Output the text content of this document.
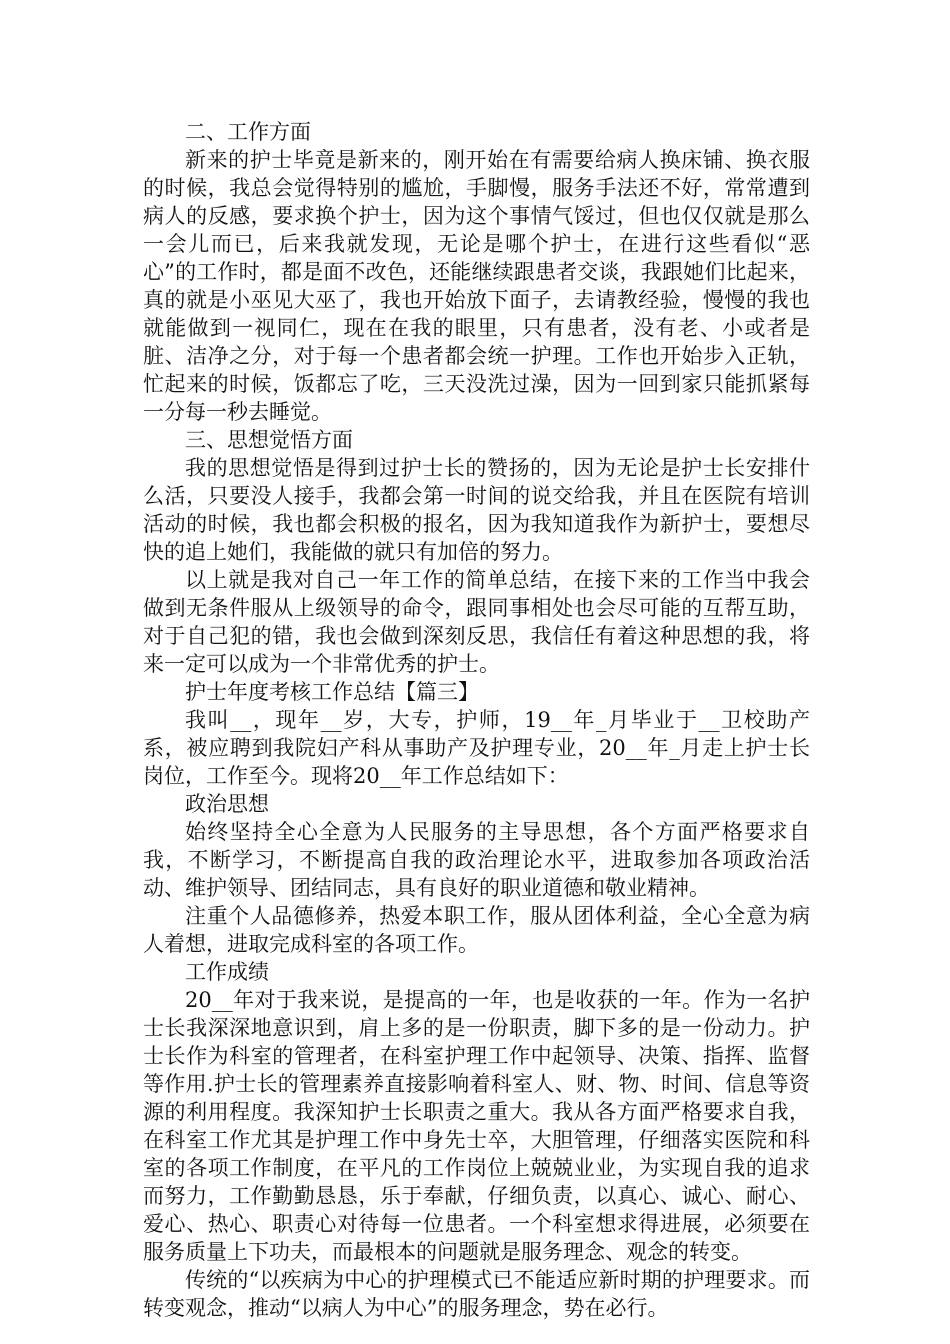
二、工作方面
新来的护士毕竟是新来的，刚开始在有需要给病人换床铺、换衣服的时候，我总会觉得特别的尴尬，手脚慢，服务手法还不好，常常遭到病人的反感，要求换个护士，因为这个事情气馁过，但也仅仅就是那么一会儿而已，后来我就发现，无论是哪个护士，在进行这些看似“恶心”的工作时，都是面不改色，还能继续跟患者交谈，我跟她们比起来，真的就是小巫见大巫了，我也开始放下面子，去请教经验，慢慢的我也就能做到一视同仁，现在在我的眼里，只有患者，没有老、小或者是脏、洁净之分，对于每一个患者都会统一护理。工作也开始步入正轨，忙起来的时候，饭都忘了吃，三天没洗过澡，因为一回到家只能抓紧每一分每一秒去睡觉。
三、思想觉悟方面
我的思想觉悟是得到过护士长的赞扬的，因为无论是护士长安排什么活，只要没人接手，我都会第一时间的说交给我，并且在医院有培训活动的时候，我也都会积极的报名，因为我知道我作为新护士，要想尽快的追上她们，我能做的就只有加倍的努力。
以上就是我对自己一年工作的简单总结，在接下来的工作当中我会做到无条件服从上级领导的命令，跟同事相处也会尽可能的互帮互助，对于自己犯的错，我也会做到深刻反思，我信任有着这种思想的我，将来一定可以成为一个非常优秀的护士。
护士年度考核工作总结【篇三】
我叫__，现年__岁，大专，护师，19__年_月毕业于__卫校助产系，被应聘到我院妇产科从事助产及护理专业，20__年_月走上护士长岗位，工作至今。现将20__年工作总结如下：
政治思想
始终坚持全心全意为人民服务的主导思想，各个方面严格要求自我，不断学习，不断提高自我的政治理论水平，进取参加各项政治活动、维护领导、团结同志，具有良好的职业道德和敬业精神。
注重个人品德修养，热爱本职工作，服从团体利益，全心全意为病人着想，进取完成科室的各项工作。
工作成绩
20__年对于我来说，是提高的一年，也是收获的一年。作为一名护士长我深深地意识到，肩上多的是一份职责，脚下多的是一份动力。护士长作为科室的管理者，在科室护理工作中起领导、决策、指挥、监督等作用.护士长的管理素养直接影响着科室人、财、物、时间、信息等资源的利用程度。我深知护士长职责之重大。我从各方面严格要求自我，在科室工作尤其是护理工作中身先士卒，大胆管理，仔细落实医院和科室的各项工作制度，在平凡的工作岗位上兢兢业业，为实现自我的追求而努力，工作勤勤恳恳，乐于奉献，仔细负责，以真心、诚心、耐心、爱心、热心、职责心对待每一位患者。一个科室想求得进展，必须要在服务质量上下功夫，而最根本的问题就是服务理念、观念的转变。
传统的“以疾病为中心的护理模式已不能适应新时期的护理要求。而转变观念，推动“以病人为中心”的服务理念，势在必行。
